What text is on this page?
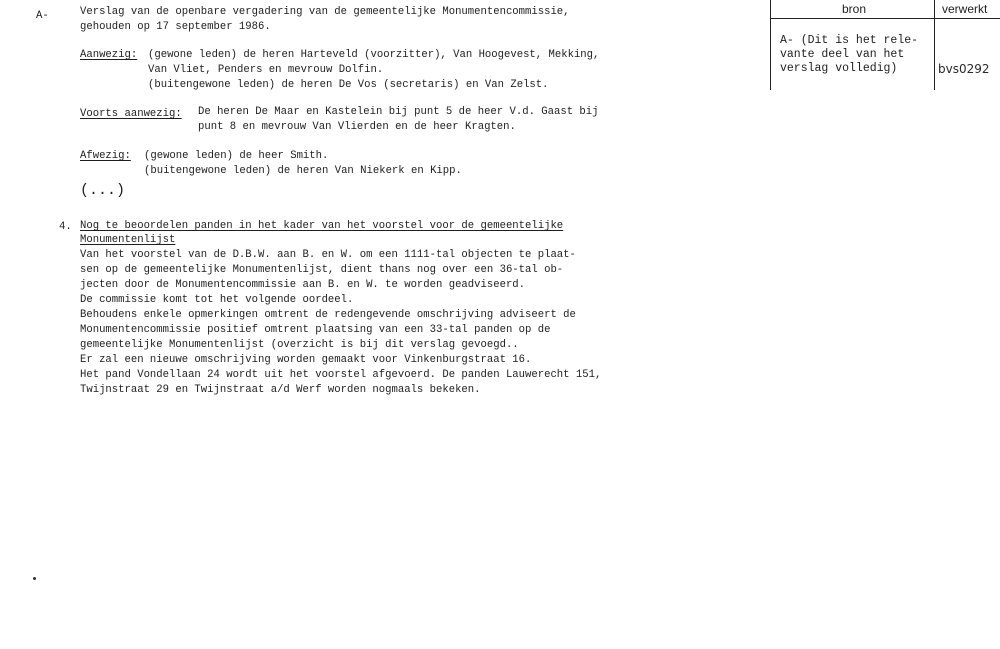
A-	Verslag van de openbare vergadering van de gemeentelijke Monumentencommissie,
gehouden op 17 september 1986.
Aanwezig: (gewone leden) de heren Harteveld (voorzitter), Van Hoogevest, Mekking,
Van Vliet, Penders en mevrouw Dolfin.
(buitengewone leden) de heren De Vos (secretaris) en Van Zelst.
Voorts aanwezig: De heren De Maar en Kastelein bij punt 5 de heer V.d. Gaast bij
punt 8 en mevrouw Van Vlierden en de heer Kragten.
Afwezig: (gewone leden) de heer Smith.
(buitengewone leden) de heren Van Niekerk en Kipp.
(...)
4. Nog te beoordelen panden in het kader van het voorstel voor de gemeentelijke
Monumentenlijst
Van het voorstel van de D.B.W. aan B. en W. om een 1111-tal objecten te plaat-
sen op de gemeentelijke Monumentenlijst, dient thans nog over een 36-tal ob-
jecten door de Monumentencommissie aan B. en W. te worden geadviseerd.
De commissie komt tot het volgende oordeel.
Behoudens enkele opmerkingen omtrent de redengevende omschrijving adviseert de
Monumentencommissie positief omtrent plaatsing van een 33-tal panden op de
gemeentelijke Monumentenlijst (overzicht is bij dit verslag gevoegd..
Er zal een nieuwe omschrijving worden gemaakt voor Vinkenburgstraat 16.
Het pand Vondellaan 24 wordt uit het voorstel afgevoerd. De panden Lauwerecht 151,
Twijnstraat 29 en Twijnstraat a/d Werf worden nogmaals bekeken.
bron	verwerkt
A- (Dit is het rele-
vante deel van het
verslag volledig)	bvs0292
